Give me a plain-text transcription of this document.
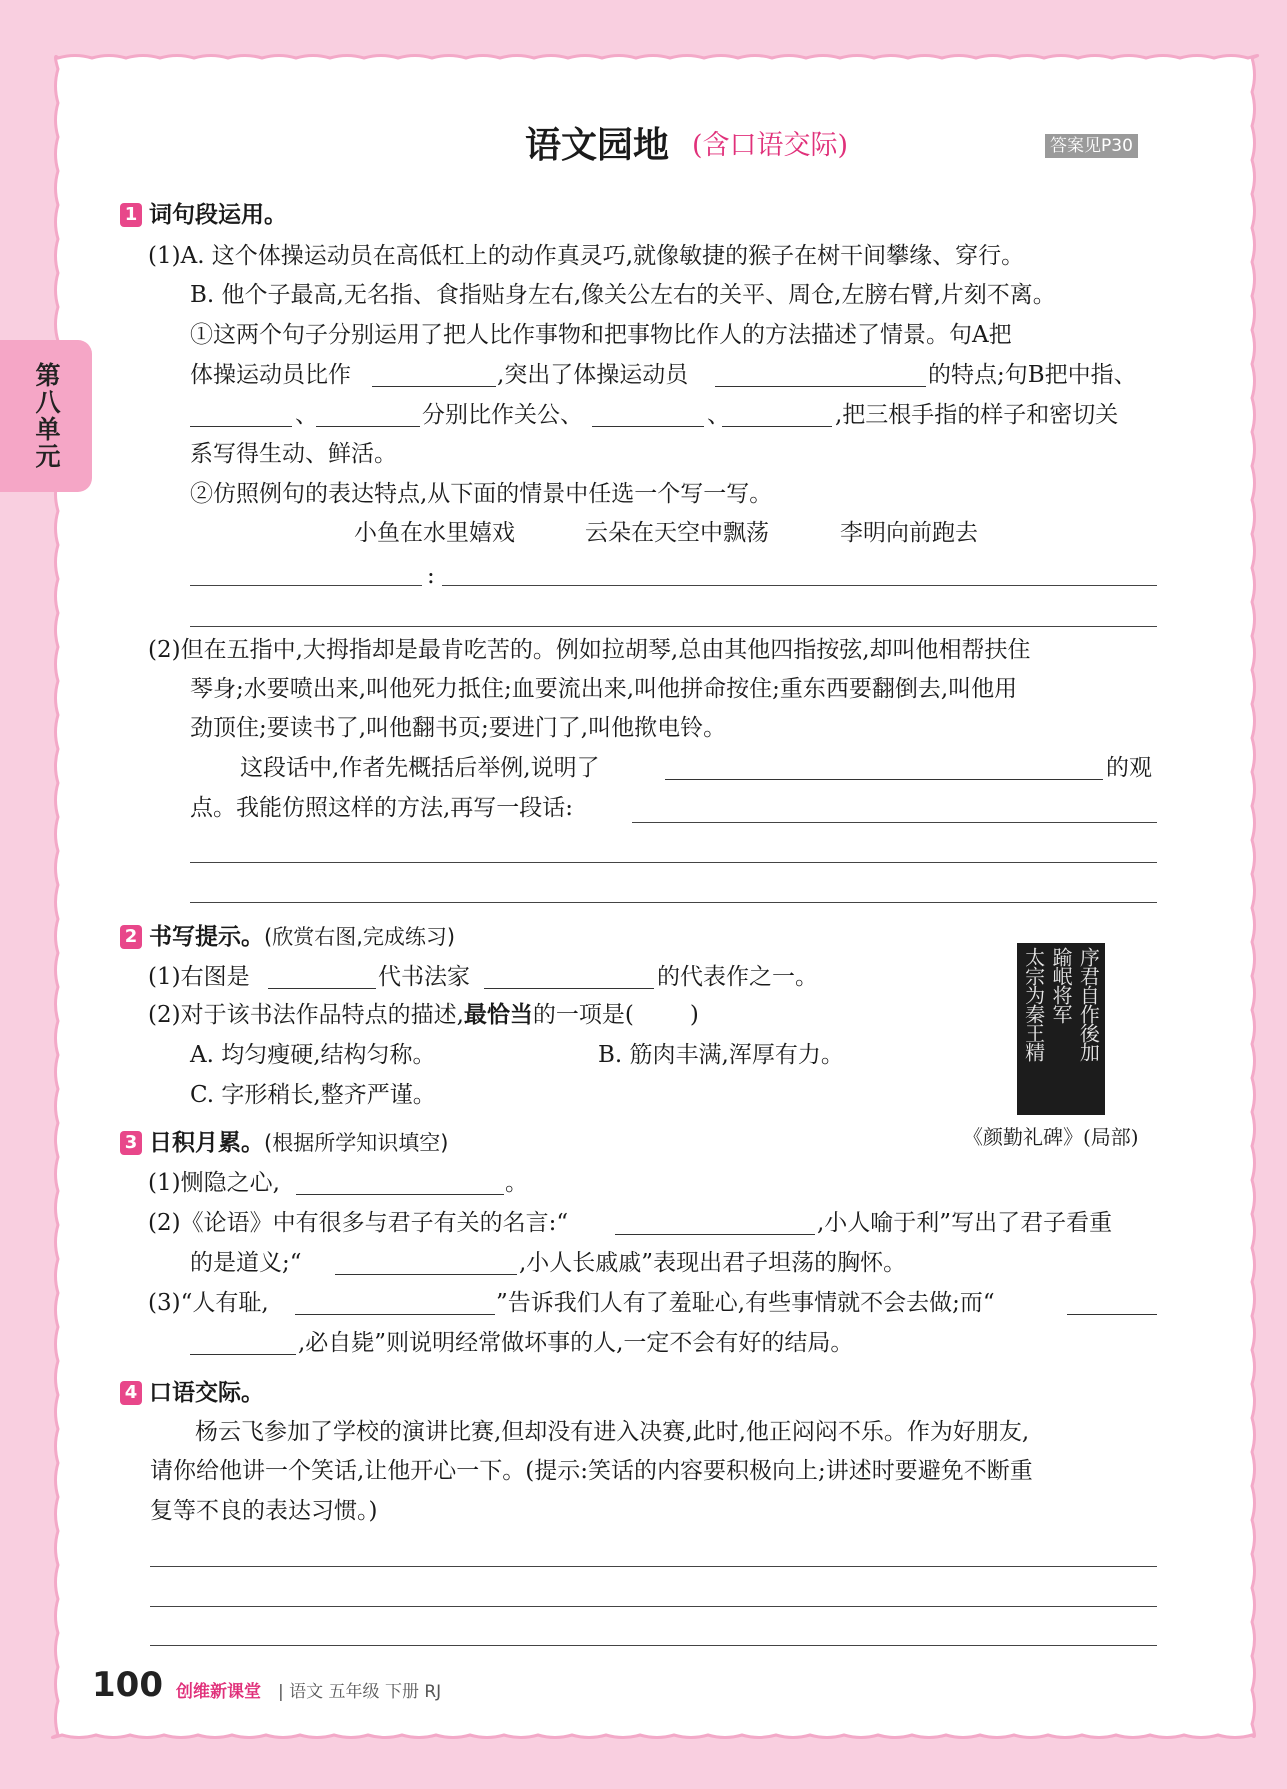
第八单元
语文园地 (含口语交际)	答案见P30
1 词句段运用。
(1)A. 这个体操运动员在高低杠上的动作真灵巧,就像敏捷的猴子在树干间攀缘、穿行。
B. 他个子最高,无名指、食指贴身左右,像关公左右的关平、周仓,左膀右臂,片刻不离。
①这两个句子分别运用了把人比作事物和把事物比作人的方法描述了情景。句A把
体操运动员比作	,突出了体操运动员	的特点;句B把中指、
、	分别比作关公、	、	,把三根手指的样子和密切关
系写得生动、鲜活。
②仿照例句的表达特点,从下面的情景中任选一个写一写。
小鱼在水里嬉戏	云朵在天空中飘荡	李明向前跑去
:
(2)但在五指中,大拇指却是最肯吃苦的。例如拉胡琴,总由其他四指按弦,却叫他相帮扶住
琴身;水要喷出来,叫他死力抵住;血要流出来,叫他拼命按住;重东西要翻倒去,叫他用
劲顶住;要读书了,叫他翻书页;要进门了,叫他揿电铃。
这段话中,作者先概括后举例,说明了	的观
点。我能仿照这样的方法,再写一段话:
2 书写提示。(欣赏右图,完成练习)
(1)右图是	代书法家	的代表作之一。
(2)对于该书法作品特点的描述,最恰当的一项是( )
A. 均匀瘦硬,结构匀称。	B. 筋肉丰满,浑厚有力。
C. 字形稍长,整齐严谨。
序君自作後加
踰岷将军
太宗为秦王精
《颜勤礼碑》(局部)
3 日积月累。(根据所学知识填空)
(1)恻隐之心,	。
(2)《论语》中有很多与君子有关的名言:“	,小人喻于利”写出了君子看重
的是道义;“	,小人长戚戚”表现出君子坦荡的胸怀。
(3)“人有耻,	”告诉我们人有了羞耻心,有些事情就不会去做;而“
,必自毙”则说明经常做坏事的人,一定不会有好的结局。
4 口语交际。
杨云飞参加了学校的演讲比赛,但却没有进入决赛,此时,他正闷闷不乐。作为好朋友,
请你给他讲一个笑话,让他开心一下。(提示:笑话的内容要积极向上;讲述时要避免不断重
复等不良的表达习惯。)
100 创维新课堂 | 语文 五年级 下册 RJ
